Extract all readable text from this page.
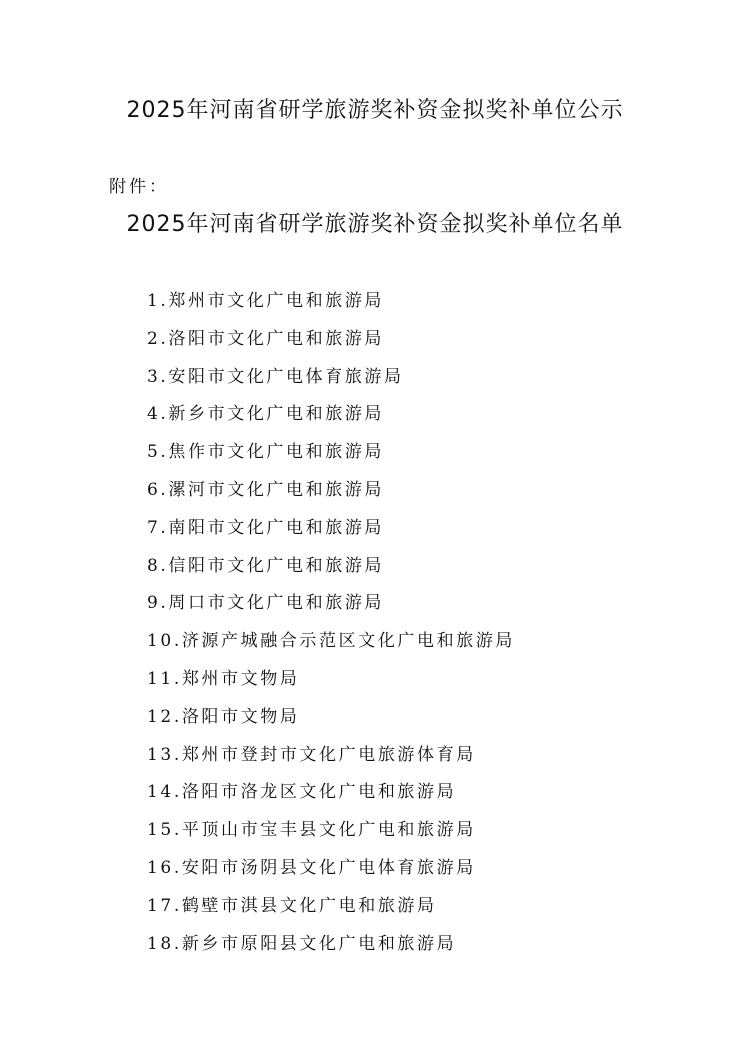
2025年河南省研学旅游奖补资金拟奖补单位公示
附件：
2025年河南省研学旅游奖补资金拟奖补单位名单
1.郑州市文化广电和旅游局
2.洛阳市文化广电和旅游局
3.安阳市文化广电体育旅游局
4.新乡市文化广电和旅游局
5.焦作市文化广电和旅游局
6.漯河市文化广电和旅游局
7.南阳市文化广电和旅游局
8.信阳市文化广电和旅游局
9.周口市文化广电和旅游局
10.济源产城融合示范区文化广电和旅游局
11.郑州市文物局
12.洛阳市文物局
13.郑州市登封市文化广电旅游体育局
14.洛阳市洛龙区文化广电和旅游局
15.平顶山市宝丰县文化广电和旅游局
16.安阳市汤阴县文化广电体育旅游局
17.鹤壁市淇县文化广电和旅游局
18.新乡市原阳县文化广电和旅游局
